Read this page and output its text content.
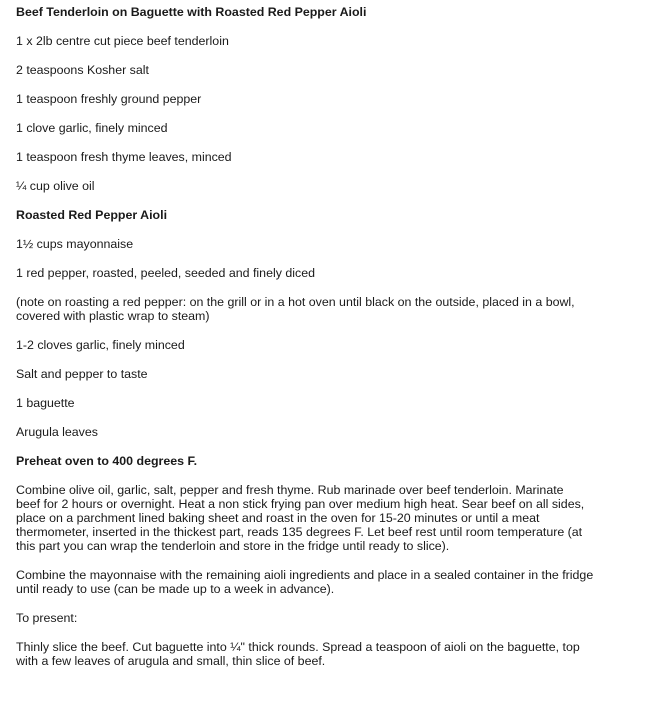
Beef Tenderloin on Baguette with Roasted Red Pepper Aioli
1 x 2lb centre cut piece beef tenderloin
2 teaspoons Kosher salt
1 teaspoon freshly ground pepper
1 clove garlic, finely minced
1 teaspoon fresh thyme leaves, minced
¼ cup olive oil
Roasted Red Pepper Aioli
1½ cups mayonnaise
1 red pepper, roasted, peeled, seeded and finely diced
(note on roasting a red pepper: on the grill or in a hot oven until black on the outside, placed in a bowl,
covered with plastic wrap to steam)
1-2 cloves garlic, finely minced
Salt and pepper to taste
1 baguette
Arugula leaves
Preheat oven to 400 degrees F.
Combine olive oil, garlic, salt, pepper and fresh thyme. Rub marinade over beef tenderloin. Marinate
beef for 2 hours or overnight. Heat a non stick frying pan over medium high heat. Sear beef on all sides,
place on a parchment lined baking sheet and roast in the oven for 15-20 minutes or until a meat
thermometer, inserted in the thickest part, reads 135 degrees F. Let beef rest until room temperature (at
this part you can wrap the tenderloin and store in the fridge until ready to slice).
Combine the mayonnaise with the remaining aioli ingredients and place in a sealed container in the fridge
until ready to use (can be made up to a week in advance).
To present:
Thinly slice the beef. Cut baguette into ¼" thick rounds. Spread a teaspoon of aioli on the baguette, top
with a few leaves of arugula and small, thin slice of beef.
